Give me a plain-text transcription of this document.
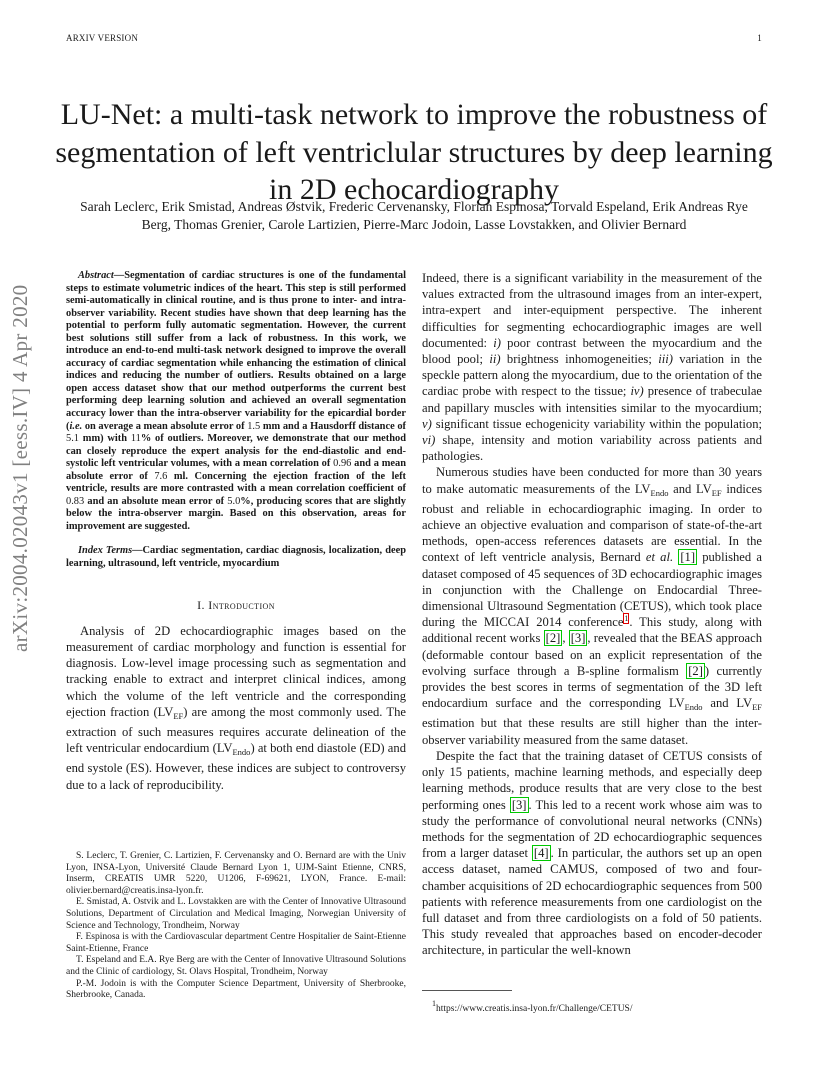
ARXIV VERSION	1
arXiv:2004.02043v1 [eess.IV] 4 Apr 2020
LU-Net: a multi-task network to improve the robustness of segmentation of left ventriclular structures by deep learning in 2D echocardiography
Sarah Leclerc, Erik Smistad, Andreas Østvik, Frederic Cervenansky, Florian Espinosa, Torvald Espeland, Erik Andreas Rye Berg, Thomas Grenier, Carole Lartizien, Pierre-Marc Jodoin, Lasse Lovstakken, and Olivier Bernard

Abstract—Segmentation of cardiac structures is one of the fundamental steps to estimate volumetric indices of the heart. This step is still performed semi-automatically in clinical routine, and is thus prone to inter- and intra-observer variability. Recent studies have shown that deep learning has the potential to perform fully automatic segmentation. However, the current best solutions still suffer from a lack of robustness. In this work, we introduce an end-to-end multi-task network designed to improve the overall accuracy of cardiac segmentation while enhancing the estimation of clinical indices and reducing the number of outliers. Results obtained on a large open access dataset show that our method outperforms the current best performing deep learning solution and achieved an overall segmentation accuracy lower than the intra-observer variability for the epicardial border (i.e. on average a mean absolute error of 1.5 mm and a Hausdorff distance of 5.1 mm) with 11% of outliers. Moreover, we demonstrate that our method can closely reproduce the expert analysis for the end-diastolic and end-systolic left ventricular volumes, with a mean correlation of 0.96 and a mean absolute error of 7.6 ml. Concerning the ejection fraction of the left ventricle, results are more contrasted with a mean correlation coefficient of 0.83 and an absolute mean error of 5.0%, producing scores that are slightly below the intra-observer margin. Based on this observation, areas for improvement are suggested.

Index Terms—Cardiac segmentation, cardiac diagnosis, localization, deep learning, ultrasound, left ventricle, myocardium

I. Introduction

Analysis of 2D echocardiographic images based on the measurement of cardiac morphology and function is essential for diagnosis. Low-level image processing such as segmentation and tracking enable to extract and interpret clinical indices, among which the volume of the left ventricle and the corresponding ejection fraction $(LV_{EF})$ are among the most commonly used. The extraction of such measures requires accurate delineation of the left ventricular endocardium $(LV_{Endo})$ at both end diastole (ED) and end systole (ES). However, these indices are subject to controversy due to a lack of reproducibility.

S. Leclerc, T. Grenier, C. Lartizien, F. Cervenansky and O. Bernard are with the Univ Lyon, INSA-Lyon, Université Claude Bernard Lyon 1, UJM-Saint Etienne, CNRS, Inserm, CREATIS UMR 5220, U1206, F-69621, LYON, France. E-mail: olivier.bernard@creatis.insa-lyon.fr.

E. Smistad, A. Ostvik and L. Lovstakken are with the Center of Innovative Ultrasound Solutions, Department of Circulation and Medical Imaging, Norwegian University of Science and Technology, Trondheim, Norway

F. Espinosa is with the Cardiovascular department Centre Hospitalier de Saint-Etienne Saint-Etienne, France

T. Espeland and E.A. Rye Berg are with the Center of Innovative Ultrasound Solutions and the Clinic of cardiology, St. Olavs Hospital, Trondheim, Norway

P.-M. Jodoin is with the Computer Science Department, University of Sherbrooke, Sherbrooke, Canada.

Indeed, there is a significant variability in the measurement of the values extracted from the ultrasound images from an inter-expert, intra-expert and inter-equipment perspective. The inherent difficulties for segmenting echocardiographic images are well documented: i) poor contrast between the myocardium and the blood pool; ii) brightness inhomogeneities; iii) variation in the speckle pattern along the myocardium, due to the orientation of the cardiac probe with respect to the tissue; iv) presence of trabeculae and papillary muscles with intensities similar to the myocardium; v) significant tissue echogenicity variability within the population; vi) shape, intensity and motion variability across patients and pathologies.

Numerous studies have been conducted for more than 30 years to make automatic measurements of the $LV_{Endo}$ and $LV_{EF}$ indices robust and reliable in echocardiographic imaging. In order to achieve an objective evaluation and comparison of state-of-the-art methods, open-access references datasets are essential. In the context of left ventricle analysis, Bernard et al. [1] published a dataset composed of 45 sequences of 3D echocardiographic images in conjunction with the Challenge on Endocardial Three-dimensional Ultrasound Segmentation (CETUS), which took place during the MICCAI 2014 conference$^1$. This study, along with additional recent works [2] , [3] , revealed that the BEAS approach (deformable contour based on an explicit representation of the evolving surface through a B-spline formalism [2] ) currently provides the best scores in terms of segmentation of the 3D left endocardium surface and the corresponding $LV_{Endo}$ and $LV_{EF}$ estimation but that these results are still higher than the inter-observer variability measured from the same dataset.

Despite the fact that the training dataset of CETUS consists of only 15 patients, machine learning methods, and especially deep learning methods, produce results that are very close to the best performing ones [3] . This led to a recent work whose aim was to study the performance of convolutional neural networks (CNNs) methods for the segmentation of 2D echocardiographic sequences from a larger dataset [4] . In particular, the authors set up an open access dataset, named CAMUS, composed of two and four-chamber acquisitions of 2D echocardiographic sequences from 500 patients with reference measurements from one cardiologist on the full dataset and from three cardiologists on a fold of 50 patients. This study revealed that approaches based on encoder-decoder architecture, in particular the well-known

$^1$https://www.creatis.insa-lyon.fr/Challenge/CETUS/
